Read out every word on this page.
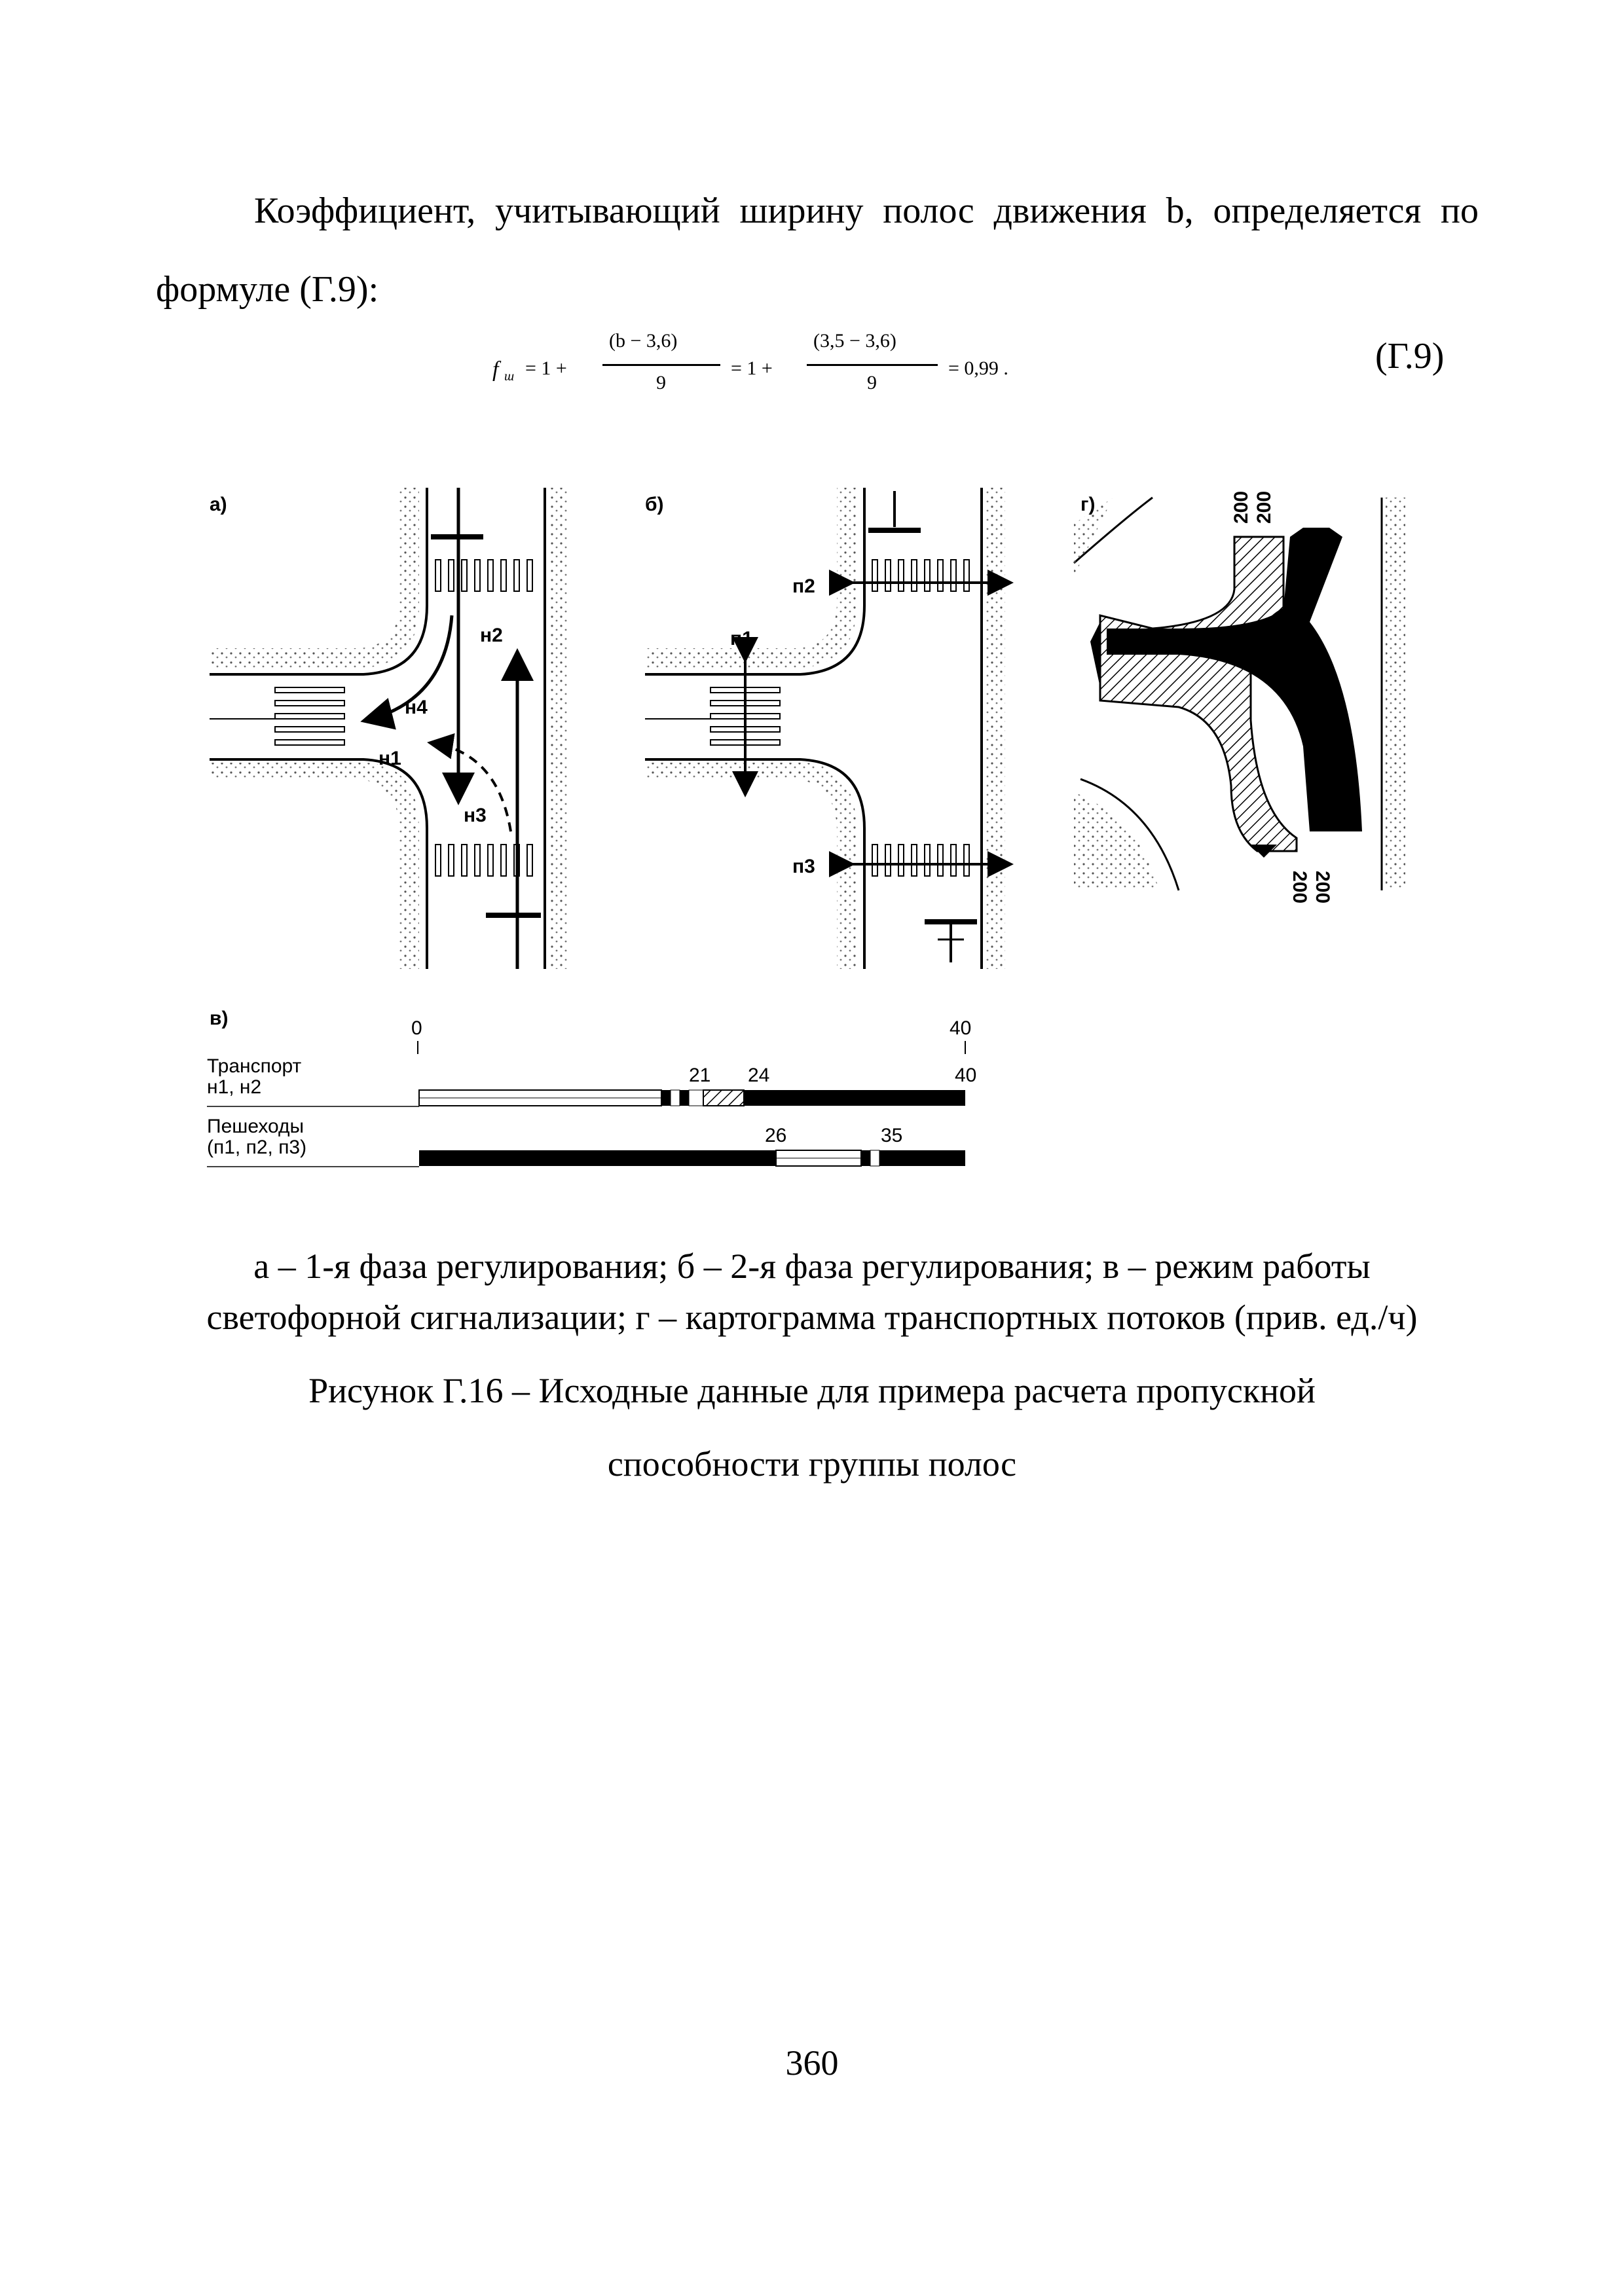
Коэффициент, учитывающий ширину полос движения b, определяется по
формуле (Г.9):
f ш = 1 +
(b − 3,6)
9
= 1 +
(3,5 − 3,6)
9
= 0,99 .	(Г.9)
а)
н2
н4
н1
н3
б)
п2
п1
п3
г)	200 200
200 200
в)	0	40
Транспорт
н1, н2
21 24	40
Пешеходы
(п1, п2, п3)
26	35
а – 1-я фаза регулирования; б – 2-я фаза регулирования; в – режим работы
светофорной сигнализации; г – картограмма транспортных потоков (прив. ед./ч)
Рисунок Г.16 – Исходные данные для примера расчета пропускной
способности группы полос
360
